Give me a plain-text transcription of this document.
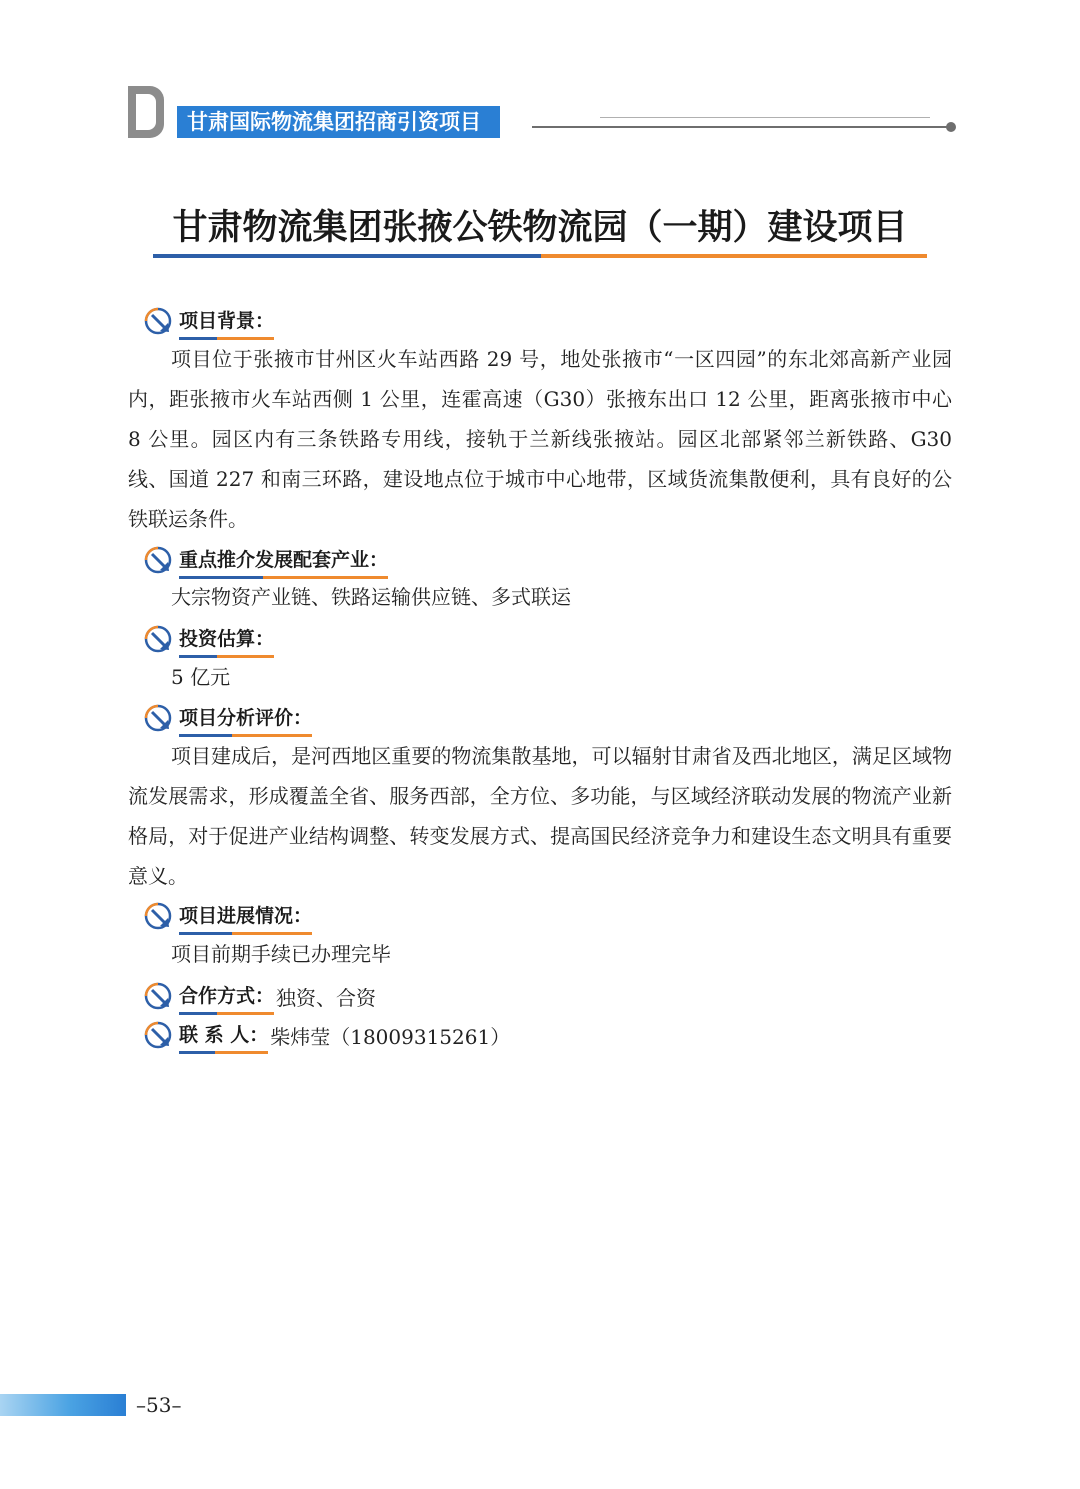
甘肃国际物流集团招商引资项目
甘肃物流集团张掖公铁物流园（一期）建设项目
项目背景：
项目位于张掖市甘州区火车站西路 29 号，地处张掖市“一区四园”的东北郊高新产业园内，距张掖市火车站西侧 1 公里，连霍高速（G30）张掖东出口 12 公里，距离张掖市中心 8 公里。园区内有三条铁路专用线，接轨于兰新线张掖站。园区北部紧邻兰新铁路、G30 线、国道 227 和南三环路，建设地点位于城市中心地带，区域货流集散便利，具有良好的公铁联运条件。
重点推介发展配套产业：
大宗物资产业链、铁路运输供应链、多式联运
投资估算：
5 亿元
项目分析评价：
项目建成后，是河西地区重要的物流集散基地，可以辐射甘肃省及西北地区，满足区域物流发展需求，形成覆盖全省、服务西部，全方位、多功能，与区域经济联动发展的物流产业新格局，对于促进产业结构调整、转变发展方式、提高国民经济竞争力和建设生态文明具有重要意义。
项目进展情况：
项目前期手续已办理完毕
合作方式： 独资、合资
联 系 人： 柴炜莹（18009315261）
–53–
